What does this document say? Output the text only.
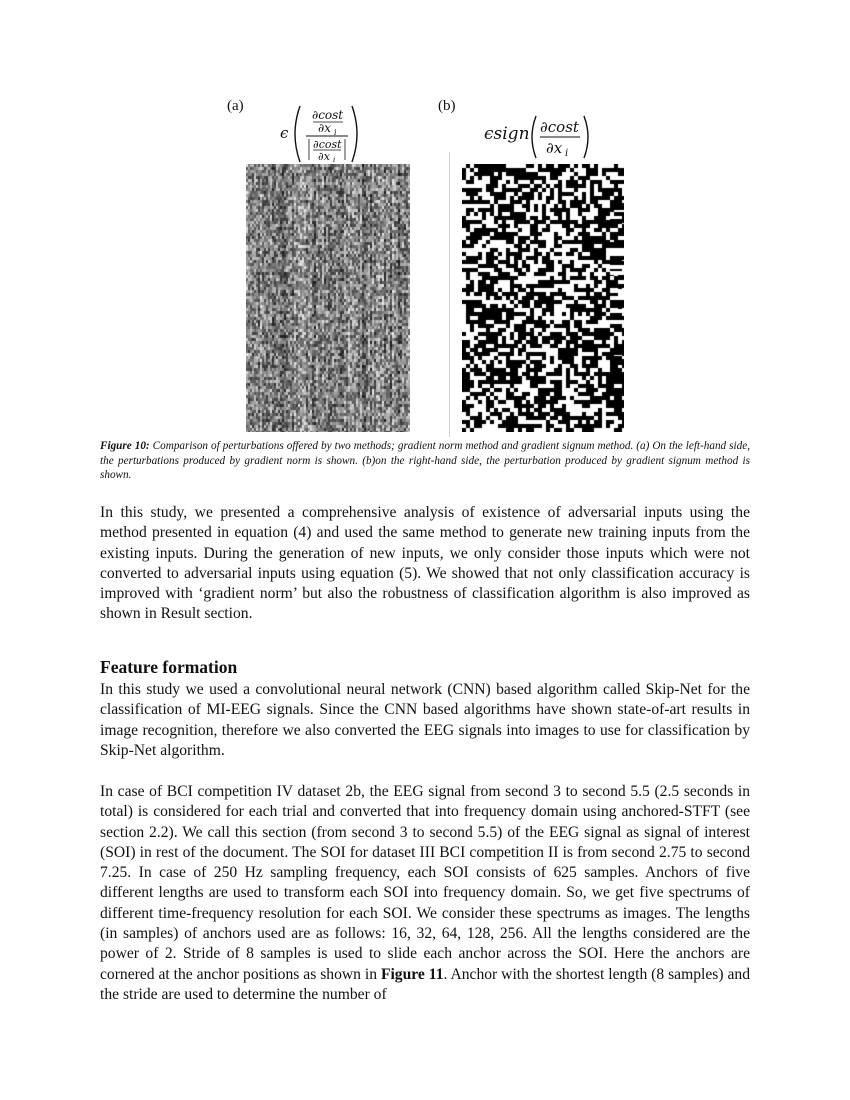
(a)	(b)
ϵ
∂cost
∂x i
∂cost
∂x i
ϵsign ∂cost
∂x i
Figure 10: Comparison of perturbations offered by two methods; gradient norm method and gradient signum method. (a) On the left-hand side, the perturbations produced by gradient norm is shown. (b)on the right-hand side, the perturbation produced by gradient signum method is shown.

In this study, we presented a comprehensive analysis of existence of adversarial inputs using the method presented in equation (4) and used the same method to generate new training inputs from the existing inputs. During the generation of new inputs, we only consider those inputs which were not converted to adversarial inputs using equation (5). We showed that not only classification accuracy is improved with ‘gradient norm’ but also the robustness of classification algorithm is also improved as shown in Result section.

Feature formation

In this study we used a convolutional neural network (CNN) based algorithm called Skip-Net for the classification of MI-EEG signals. Since the CNN based algorithms have shown state-of-art results in image recognition, therefore we also converted the EEG signals into images to use for classification by Skip-Net algorithm.

In case of BCI competition IV dataset 2b, the EEG signal from second 3 to second 5.5 (2.5 seconds in total) is considered for each trial and converted that into frequency domain using anchored-STFT (see section 2.2). We call this section (from second 3 to second 5.5) of the EEG signal as signal of interest (SOI) in rest of the document. The SOI for dataset III BCI competition II is from second 2.75 to second 7.25. In case of 250 Hz sampling frequency, each SOI consists of 625 samples. Anchors of five different lengths are used to transform each SOI into frequency domain. So, we get five spectrums of different time-frequency resolution for each SOI. We consider these spectrums as images. The lengths (in samples) of anchors used are as follows: 16, 32, 64, 128, 256. All the lengths considered are the power of 2. Stride of 8 samples is used to slide each anchor across the SOI. Here the anchors are cornered at the anchor positions as shown in Figure 11. Anchor with the shortest length (8 samples) and the stride are used to determine the number of
